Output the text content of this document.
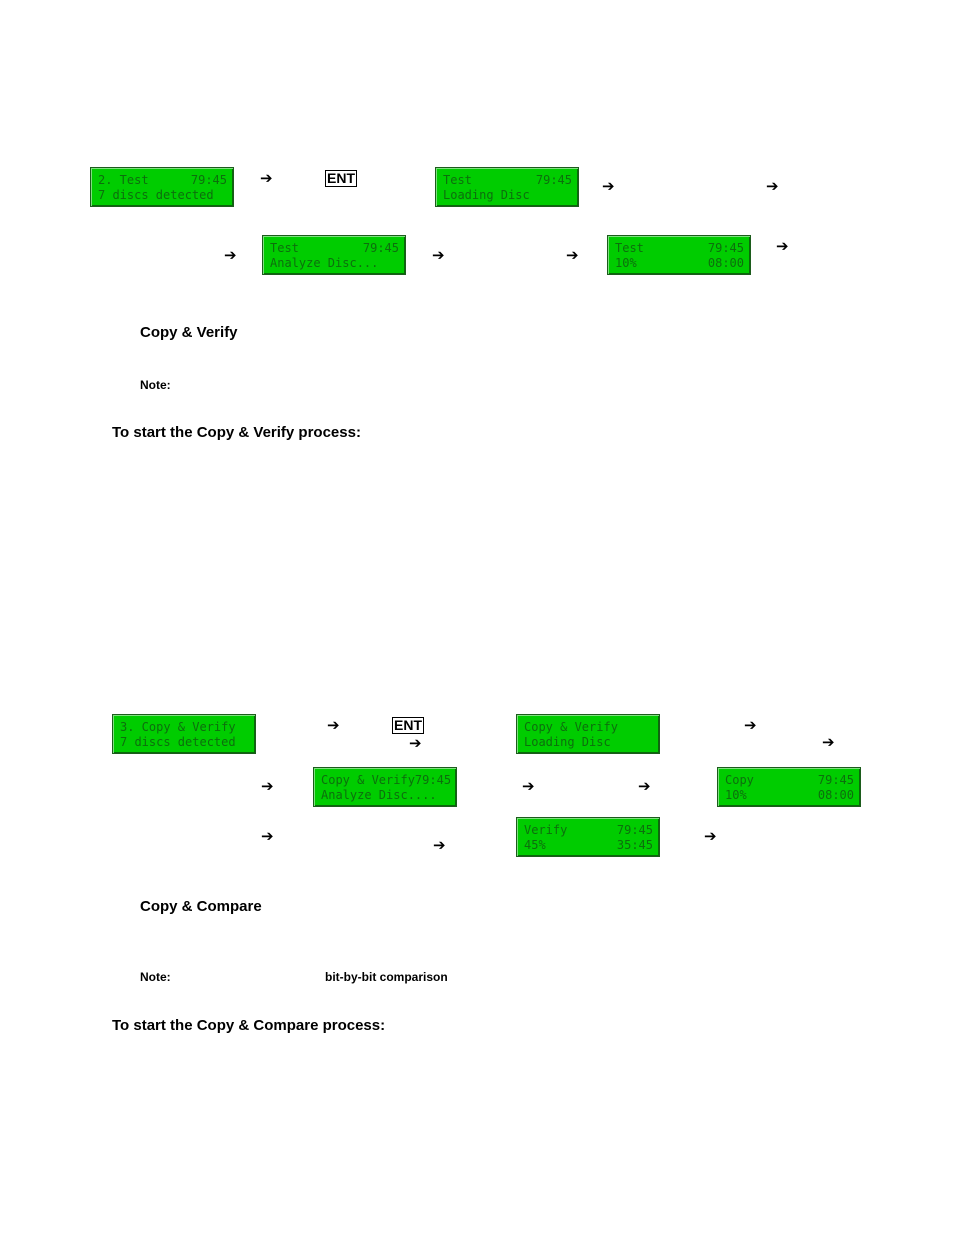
2. Test	79:45
7 discs detected
➔	ENT	Test	79:45
Loading Disc	➔	➔
➔	Test	79:45
Analyze Disc...	➔	➔	Test	79:45
10%	08:00
➔
Copy & Verify
Note:
To start the Copy & Verify process:
3. Copy & Verify
7 discs detected
➔	ENT
➔
Copy & Verify
Loading Disc
➔
➔
➔	Copy & Verify 79:45
Analyze Disc....	➔	➔	Copy	79:45
10%	08:00
➔	➔
Verify	79:45
45%	35:45	➔
Copy & Compare
Note:	bit-by-bit comparison
To start the Copy & Compare process:
